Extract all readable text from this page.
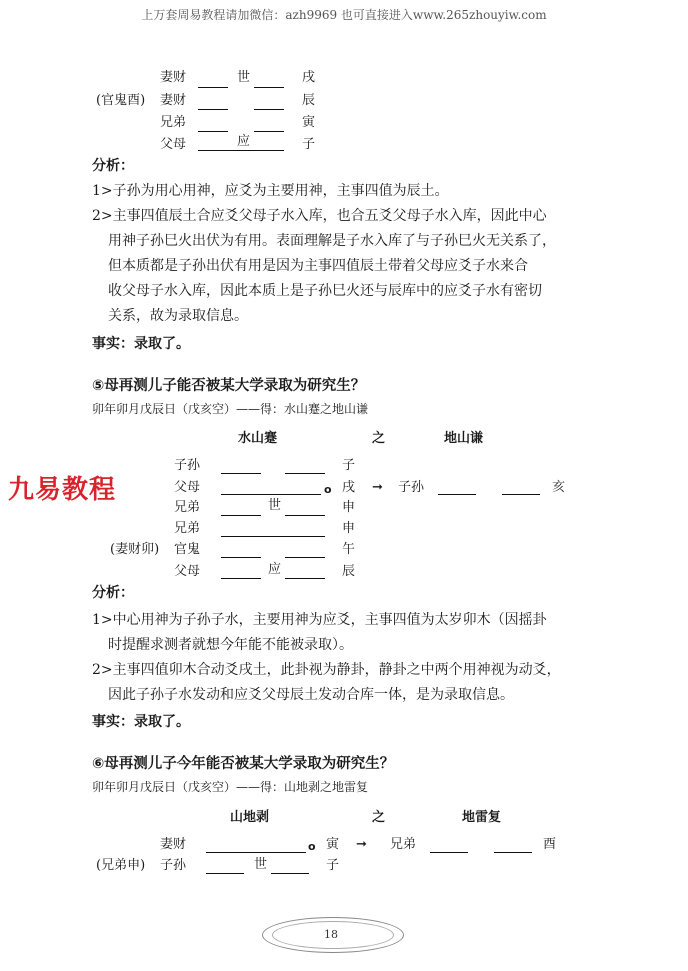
上万套周易教程请加微信：azh9969 也可直接进入www.265zhouyiw.com
妻财	世	戌
(官鬼酉) 妻财	辰
兄弟	寅
父母	应	子
分析：
1>子孙为用心用神，应爻为主要用神，主事四值为辰土。
2>主事四值辰土合应爻父母子水入库，也合五爻父母子水入库，因此中心
用神子孙巳火出伏为有用。表面理解是子水入库了与子孙巳火无关系了，
但本质都是子孙出伏有用是因为主事四值辰土带着父母应爻子水来合
收父母子水入库，因此本质上是子孙巳火还与辰库中的应爻子水有密切
关系，故为录取信息。
事实：录取了。
⑤母再测儿子能否被某大学录取为研究生？
卯年卯月戊辰日（戊亥空）——得：水山蹇之地山谦
水山蹇	之	地山谦
九易教程
子孙	子
父母	o 戌 ➞ 子孙	亥
兄弟	世	申
兄弟	申
(妻财卯) 官鬼	午
父母	应	辰
分析：
1>中心用神为子孙子水，主要用神为应爻，主事四值为太岁卯木（因摇卦
时提醒求测者就想今年能不能被录取）。
2>主事四值卯木合动爻戌土，此卦视为静卦，静卦之中两个用神视为动爻，
因此子孙子水发动和应爻父母辰土发动合库一体，是为录取信息。
事实：录取了。
⑥母再测儿子今年能否被某大学录取为研究生？
卯年卯月戊辰日（戊亥空）——得：山地剥之地雷复
山地剥	之	地雷复
妻财	o 寅 ➞ 兄弟	酉
(兄弟申) 子孙	世	子
18
